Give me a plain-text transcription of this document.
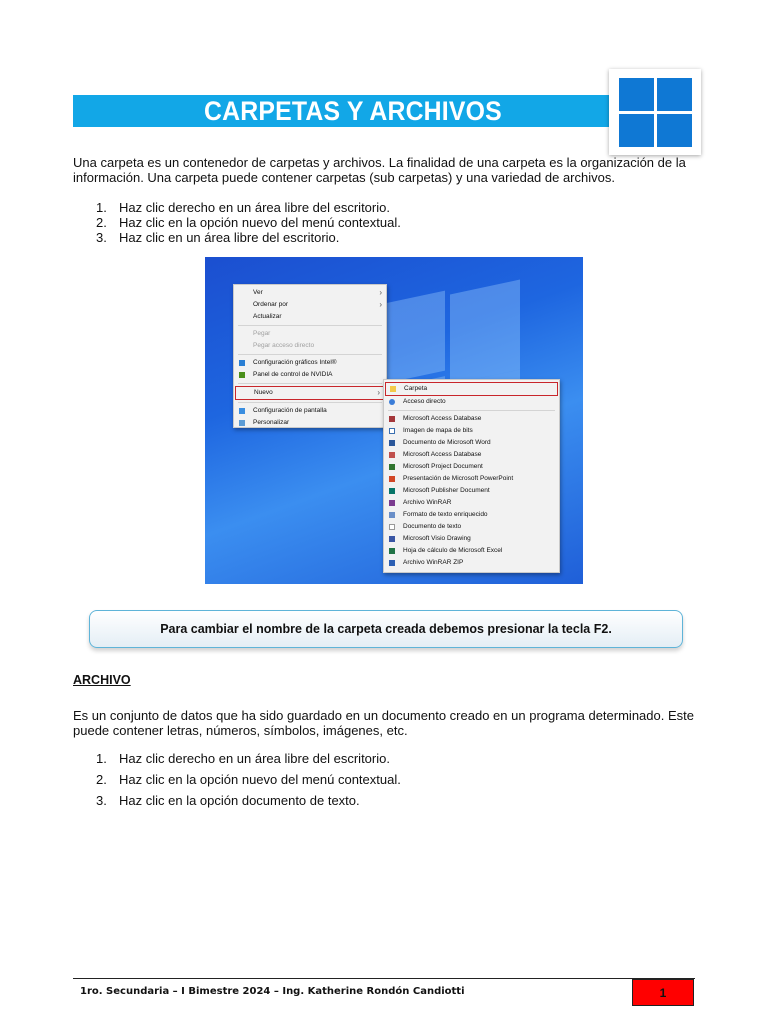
CARPETAS Y ARCHIVOS
Una carpeta es un contenedor de carpetas y archivos. La finalidad de una carpeta es la organización de la información. Una carpeta puede contener carpetas (sub carpetas) y una variedad de archivos.
1. Haz clic derecho en un área libre del escritorio.
2. Haz clic en la opción nuevo del menú contextual.
3. Haz clic en un área libre del escritorio.
Ver	›
Ordenar por	›
Actualizar
Pegar
Pegar acceso directo
Configuración gráficos Intel®
Panel de control de NVIDIA
Nuevo	›
Configuración de pantalla
Personalizar
Carpeta
Acceso directo
Microsoft Access Database
Imagen de mapa de bits
Documento de Microsoft Word
Microsoft Access Database
Microsoft Project Document
Presentación de Microsoft PowerPoint
Microsoft Publisher Document
Archivo WinRAR
Formato de texto enriquecido
Documento de texto
Microsoft Visio Drawing
Hoja de cálculo de Microsoft Excel
Archivo WinRAR ZIP
Para cambiar el nombre de la carpeta creada debemos presionar la tecla F2.
ARCHIVO
Es un conjunto de datos que ha sido guardado en un documento creado en un programa determinado. Este puede contener letras, números, símbolos, imágenes, etc.
1. Haz clic derecho en un área libre del escritorio.
2. Haz clic en la opción nuevo del menú contextual.
3. Haz clic en la opción documento de texto.
1ro. Secundaria – I Bimestre 2024 – Ing. Katherine Rondón Candiotti	1
